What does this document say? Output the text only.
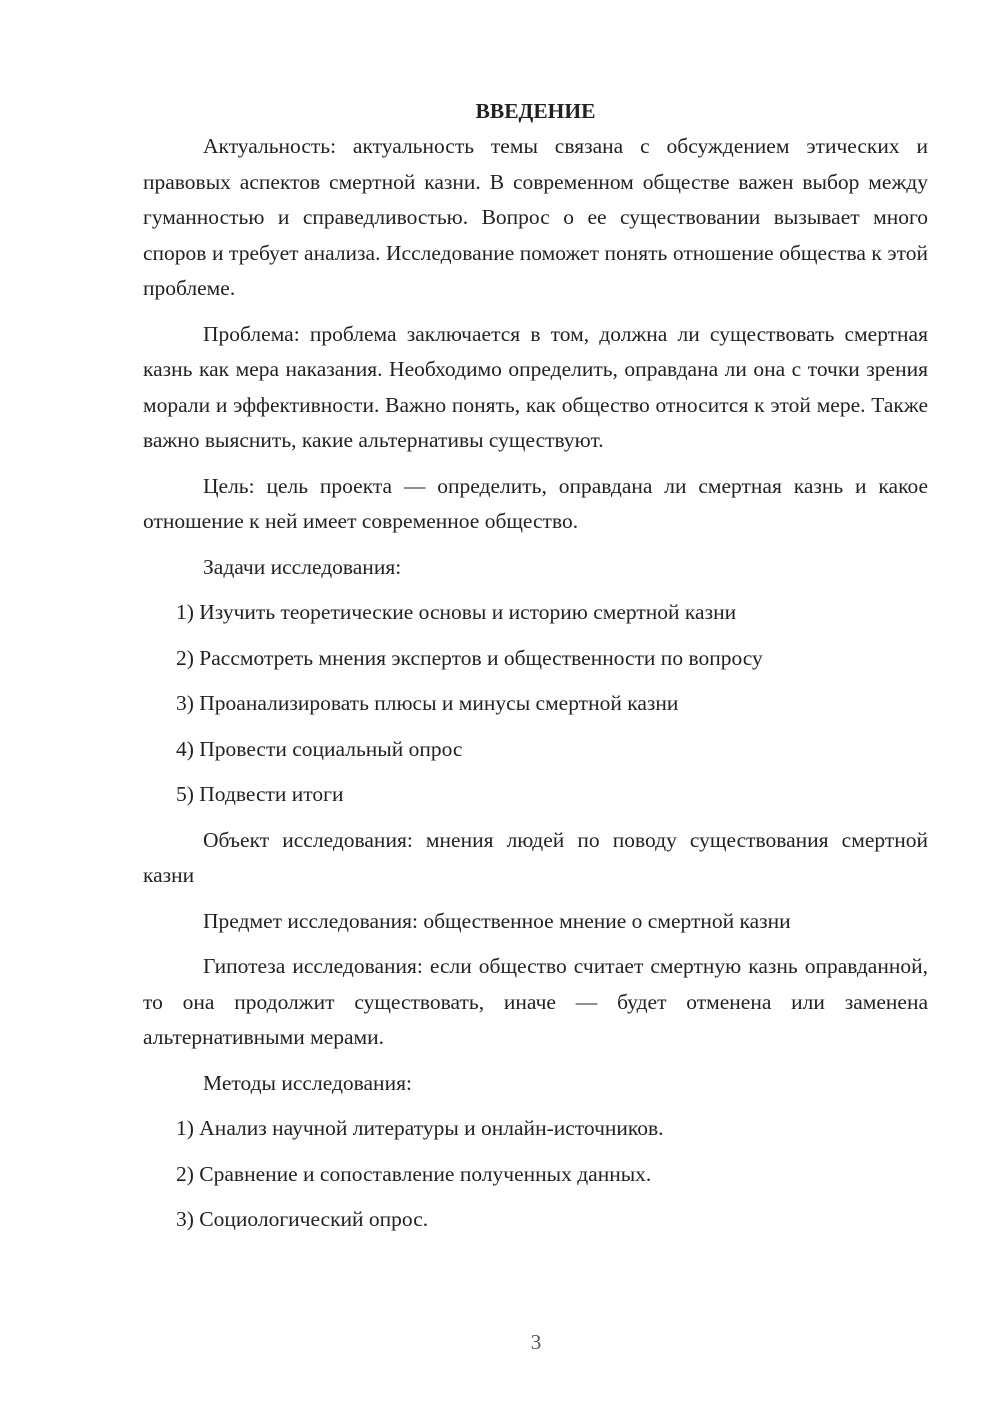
ВВЕДЕНИЕ

Актуальность: актуальность темы связана с обсуждением этических и правовых аспектов смертной казни. В современном обществе важен выбор между гуманностью и справедливостью. Вопрос о ее существовании вызывает много споров и требует анализа. Исследование поможет понять отношение общества к этой проблеме.

Проблема: проблема заключается в том, должна ли существовать смертная казнь как мера наказания. Необходимо определить, оправдана ли она с точки зрения морали и эффективности. Важно понять, как общество относится к этой мере. Также важно выяснить, какие альтернативы существуют.

Цель: цель проекта — определить, оправдана ли смертная казнь и какое отношение к ней имеет современное общество.

Задачи исследования:

1) Изучить теоретические основы и историю смертной казни

2) Рассмотреть мнения экспертов и общественности по вопросу

3) Проанализировать плюсы и минусы смертной казни

4) Провести социальный опрос

5) Подвести итоги

Объект исследования: мнения людей по поводу существования смертной казни

Предмет исследования: общественное мнение о смертной казни

Гипотеза исследования: если общество считает смертную казнь оправданной, то она продолжит существовать, иначе — будет отменена или заменена альтернативными мерами.

Методы исследования:

1) Анализ научной литературы и онлайн-источников.

2) Сравнение и сопоставление полученных данных.

3) Социологический опрос.

3
